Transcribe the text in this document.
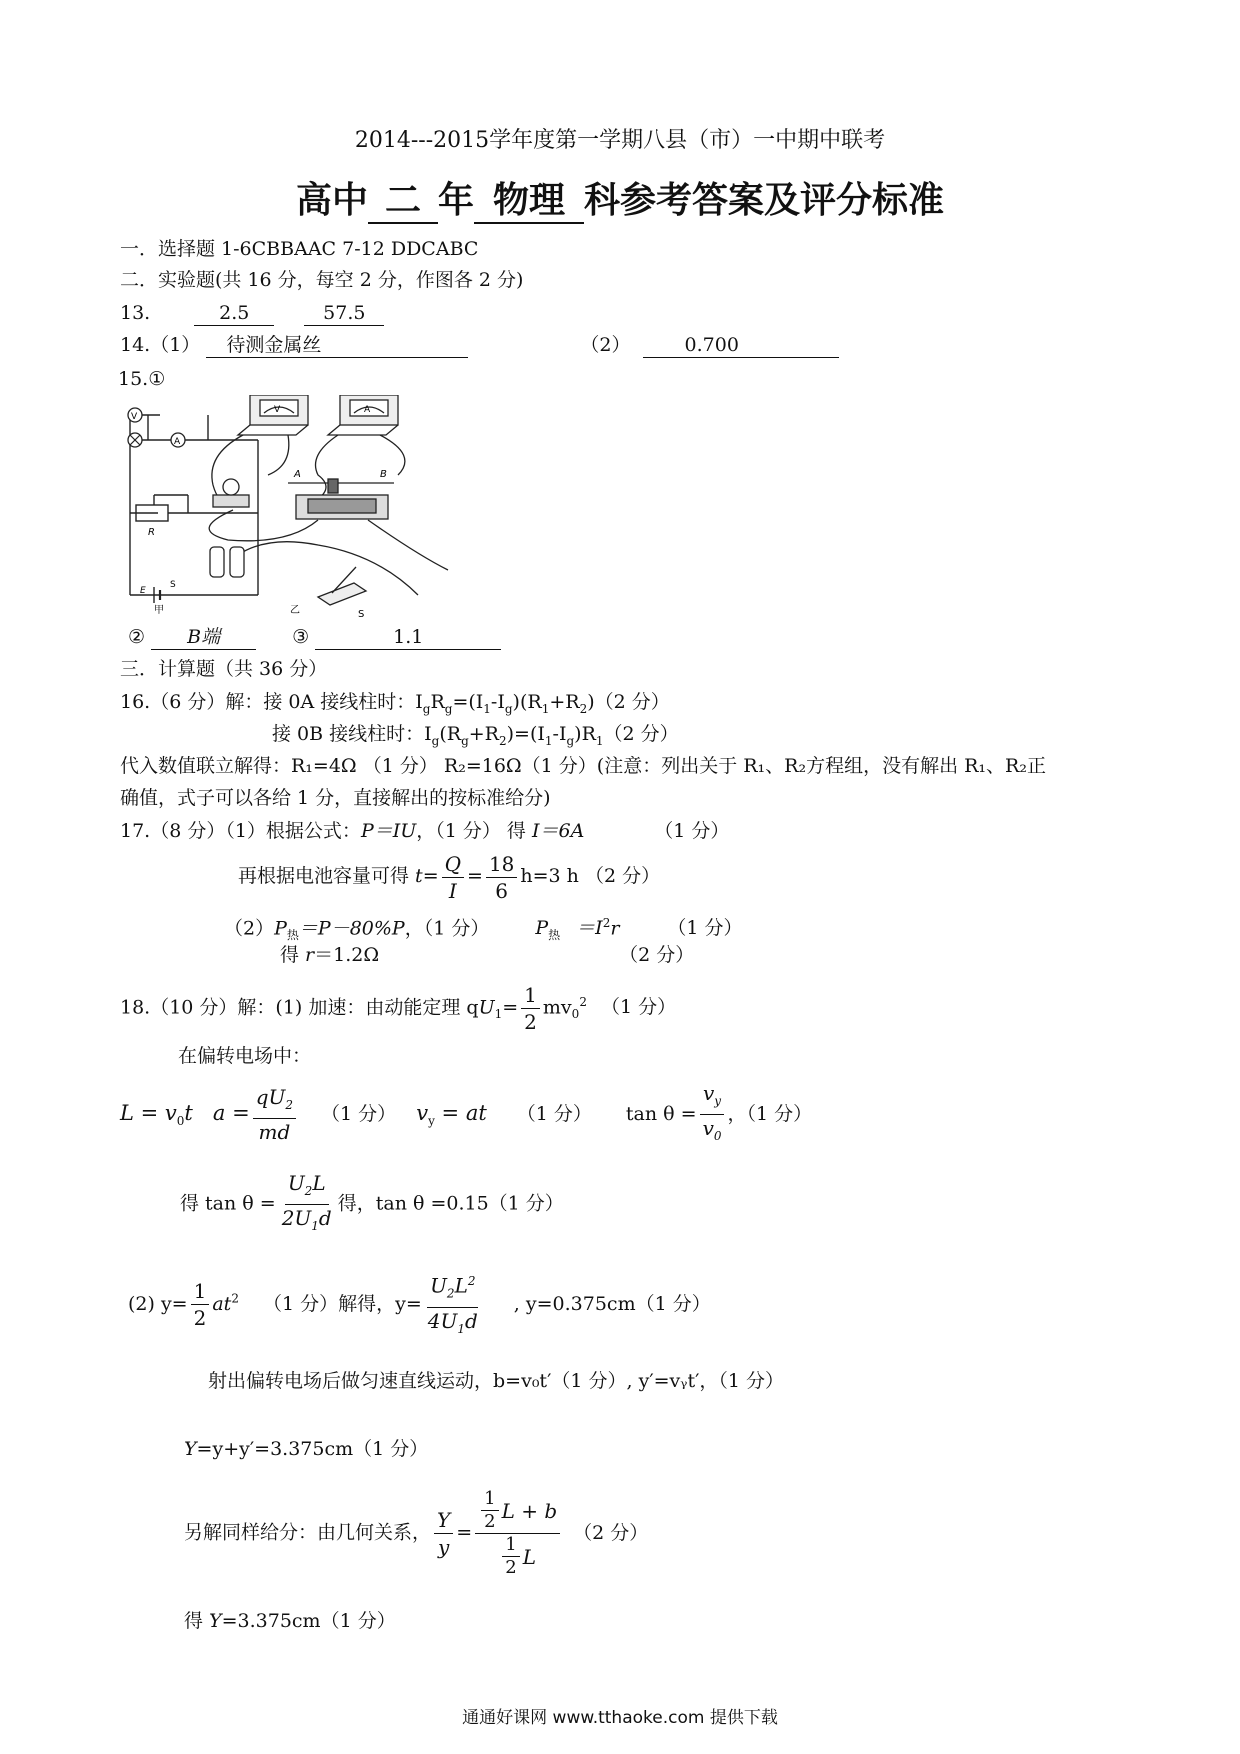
2014---2015学年度第一学期八县（市）一中期中联考
高中 二 年 物理 科参考答案及评分标准
一．选择题 1-6CBBAAC 7-12 DDCABC
二．实验题(共 16 分，每空 2 分，作图各 2 分)
13.	2.5	57.5
14.（1） 待测金属丝	（2）	0.700
15.①
V
A
R
E
S
甲
V	A
A	B
S
乙
② B端	③	1.1
三．计算题（共 36 分）
16.（6 分）解：接 0A 接线柱时：$I_gR_g=(I_1-I_g)(R_1+R_2)(2$ 分）
接 0B 接线柱时：$I_g(R_g+R_2)=(I_1-I_g)R_1(2$ 分）
代入数值联立解得：R₁=4Ω （1 分） R₂=16Ω（1 分）(注意：列出关于 R₁、R₂方程组，没有解出 R₁、R₂正
确值，式子可以各给 1 分，直接解出的按标准给分)
17.（8 分）（1）根据公式：P＝IU，（1 分） 得 I＝6A	（1 分）
再根据电池容量可得 $t= \frac{Q}{I} = \frac{18}{6} h=3$ h （2 分）
$(2)P_热=P-80\%P$，（1 分） $P_热 =I^2r$	（1 分）
得 r＝1.2Ω	（2 分）
18.（10 分）解：(1) 加速：由动能定理 $qU_1= \frac{1}{2} mv_0^2$ （1 分）
在偏转电场中：
$L = v_0t$ $a = \frac{qU_2}{md} (1$ 分） $v_y$ = at （1 分） $\tan \theta = \frac{v_y}{v_0}$ ，（1 分）
得 $\tan \theta = \frac{U_2L}{2U_1d}$ 得，tan θ =0.15（1 分）
(2) $y= \frac{1}{2} at^2$ （1 分）解得，$y= \frac{U_2L^2}{4U_1d}$ , y=0.375cm（1 分）
射出偏转电场后做匀速直线运动，b=v₀t′（1 分）, y′=vᵧt′，（1 分）
Y=y+y′=3.375cm（1 分）
另解同样给分：由几何关系， $\frac{Y}{y} = \frac{\frac{1}{2} L + b}{\frac{1}{2} L} (2$ 分）
得 Y=3.375cm（1 分）
通通好课网 www.tthaoke.com 提供下载
